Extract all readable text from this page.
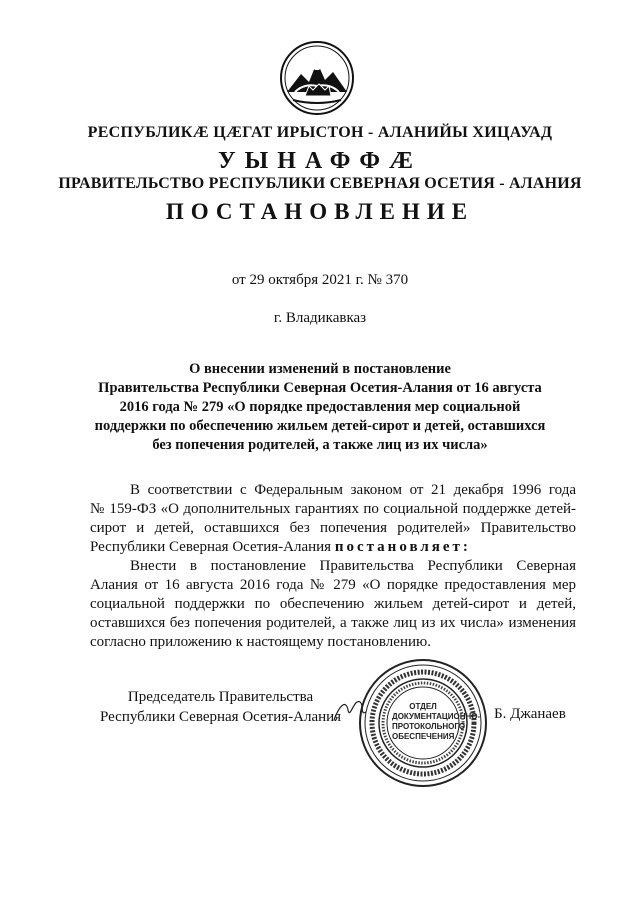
РЕСПУБЛИКӔ ЦӔГАТ ИРЫСТОН - АЛАНИЙЫ ХИЦАУАД
УЫНАФФӔ
ПРАВИТЕЛЬСТВО РЕСПУБЛИКИ СЕВЕРНАЯ ОСЕТИЯ - АЛАНИЯ
ПОСТАНОВЛЕНИЕ
от 29 октября 2021 г. № 370
г. Владикавказ
О внесении изменений в постановление
Правительства Республики Северная Осетия-Алания от 16 августа
2016 года № 279 «О порядке предоставления мер социальной
поддержки по обеспечению жильем детей-сирот и детей, оставшихся
без попечения родителей, а также лиц из их числа»
В соответствии с Федеральным законом от 21 декабря 1996 года
№ 159-ФЗ «О дополнительных гарантиях по социальной поддержке детей-
сирот и детей, оставшихся без попечения родителей» Правительство
Республики Северная Осетия-Алания постановляет:
Внести в постановление Правительства Республики Северная
Алания от 16 августа 2016 года № 279 «О порядке предоставления мер
социальной поддержки по обеспечению жильем детей-сирот и детей,
оставшихся без попечения родителей, а также лиц из их числа» изменения
согласно приложению к настоящему постановлению.
Председатель Правительства
Республики Северная Осетия-Алания
ОТДЕЛ
ДОКУМЕНТАЦИОННО-
ПРОТОКОЛЬНОГО
ОБЕСПЕЧЕНИЯ
Б. Джанаев
